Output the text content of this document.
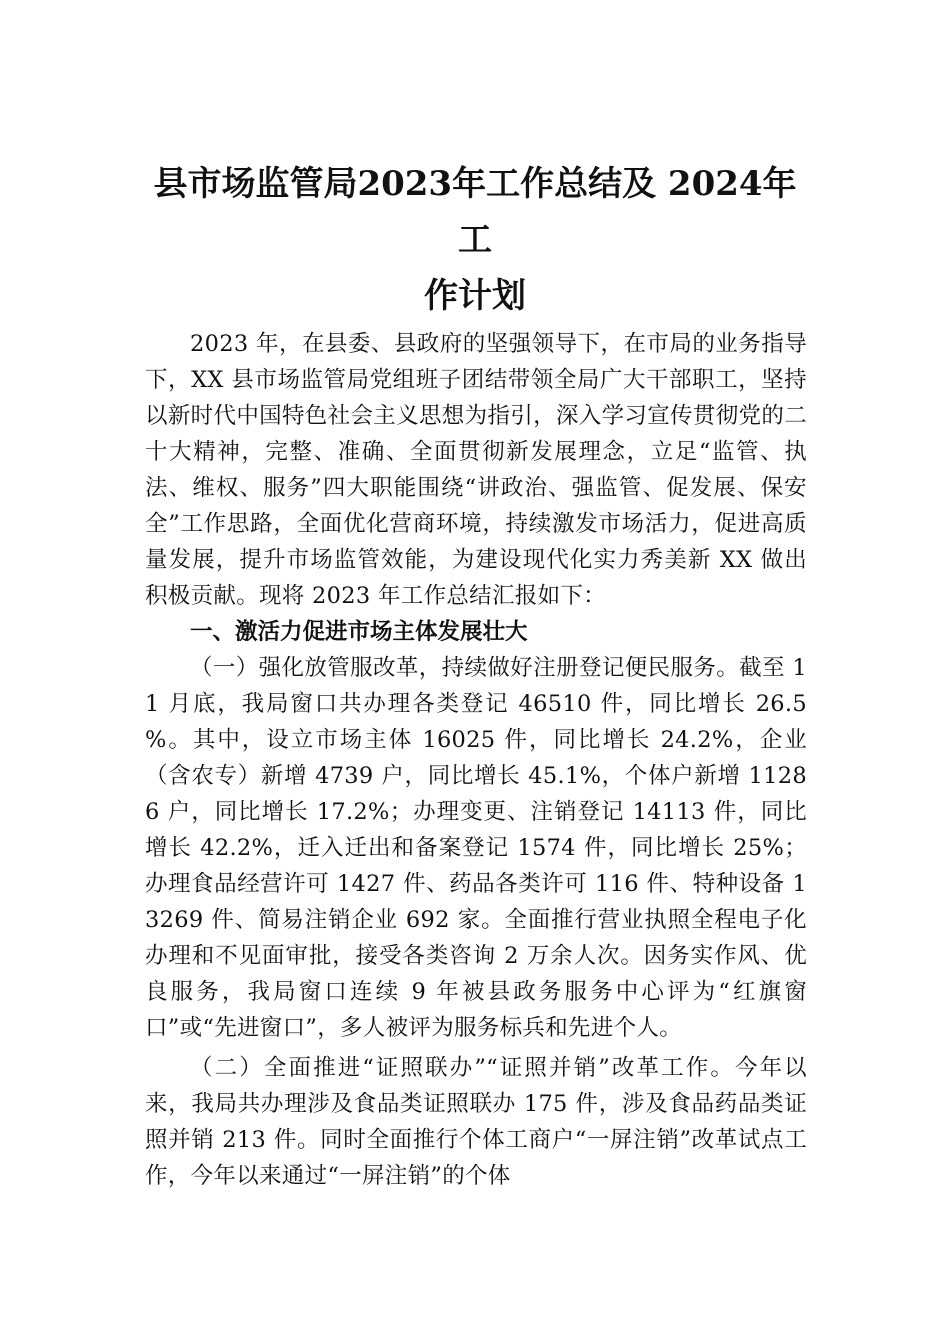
县市场监管局2023年工作总结及 2024年工
作计划

2023 年，在县委、县政府的坚强领导下，在市局的业务指导下，XX 县市场监管局党组班子团结带领全局广大干部职工，坚持以新时代中国特色社会主义思想为指引，深入学习宣传贯彻党的二十大精神，完整、准确、全面贯彻新发展理念，立足“监管、执法、维权、服务”四大职能围绕“讲政治、强监管、促发展、保安全”工作思路，全面优化营商环境，持续激发市场活力，促进高质量发展，提升市场监管效能，为建设现代化实力秀美新 XX 做出积极贡献。现将 2023 年工作总结汇报如下：

一、激活力促进市场主体发展壮大

（一）强化放管服改革，持续做好注册登记便民服务。截至 11 月底，我局窗口共办理各类登记 46510 件，同比增长 26.5 %。其中，设立市场主体 16025 件，同比增长 24.2%，企业（含农专）新增 4739 户，同比增长 45.1%，个体户新增 11286 户，同比增长 17.2%；办理变更、注销登记 14113 件，同比增长 42.2%，迁入迁出和备案登记 1574 件，同比增长 25%；办理食品经营许可 1427 件、药品各类许可 116 件、特种设备 13269 件、简易注销企业 692 家。全面推行营业执照全程电子化办理和不见面审批，接受各类咨询 2 万余人次。因务实作风、优良服务，我局窗口连续 9 年被县政务服务中心评为“红旗窗口”或“先进窗口”，多人被评为服务标兵和先进个人。

（二）全面推进“证照联办”“证照并销”改革工作。今年以来，我局共办理涉及食品类证照联办 175 件，涉及食品药品类证照并销 213 件。同时全面推行个体工商户“一屏注销”改革试点工作，今年以来通过“一屏注销”的个体
